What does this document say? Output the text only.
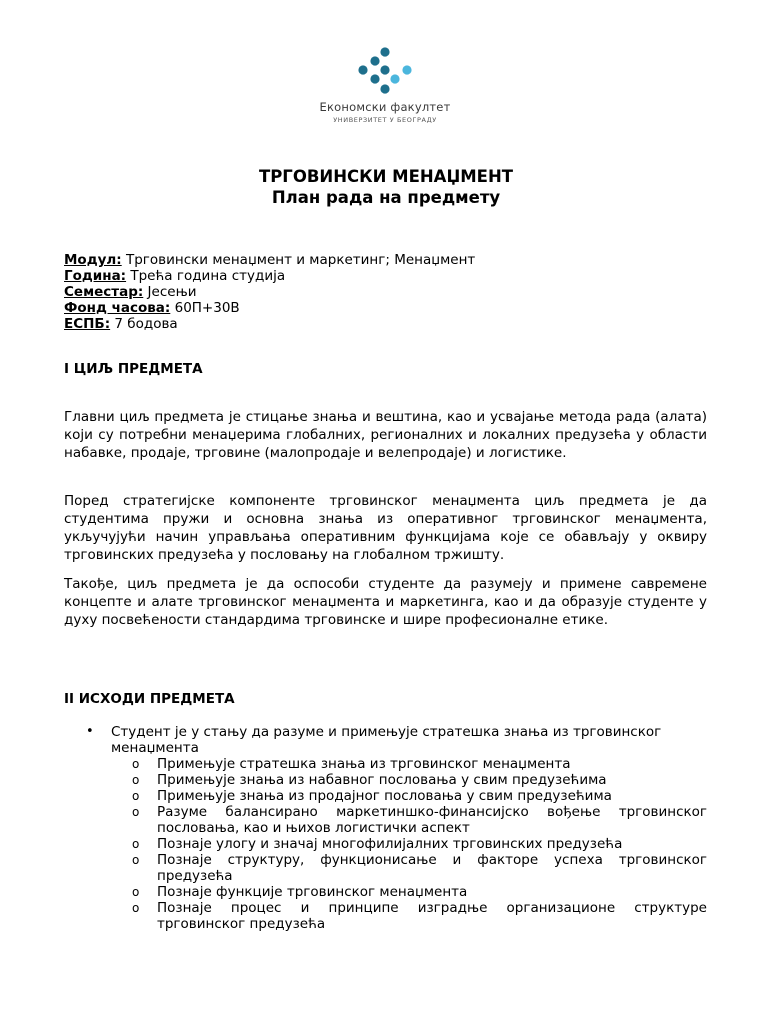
Економски факултет
УНИВЕРЗИТЕТ У БЕОГРАДУ
ТРГОВИНСКИ МЕНАЏМЕНТ
План рада на предмету
Модул: Трговински менаџмент и маркетинг; Менаџмент
Година: Трећа година студија
Семестар: Јесењи
Фонд часова: 60П+30В
ЕСПБ: 7 бодова
I ЦИЉ ПРЕДМЕТА

Главни циљ предмета је стицање знања и вештина, као и усвајање метода рада (алата) који су потребни менаџерима глобалних, регионалних и локалних предузећа у области набавке, продаје, трговине (малопродаје и велепродаје) и логистике.

Поред стратегијске компоненте трговинског менаџмента циљ предмета је да студентима пружи и основна знања из оперативног трговинског менаџмента, укључујући начин управљања оперативним функцијама које се обављају у оквиру трговинских предузећа у пословању на глобалном тржишту.

Такође, циљ предмета је да оспособи студенте да разумеју и примене савремене концепте и алате трговинског менаџмента и маркетинга, као и да образује студенте у духу посвећености стандардима трговинске и шире професионалне етике.

II ИСХОДИ ПРЕДМЕТА
• Студент је у стању да разуме и примењује стратешка знања из трговинског менаџмента
o Примењује стратешка знања из трговинског менаџмента
o Примењује знања из набавног пословања у свим предузећима
o Примењује знања из продајног пословања у свим предузећима
o Разуме балансирано маркетиншко-финансијско вођење трговинског пословања, као и њихов логистички аспект
o Познаје улогу и значај многофилијалних трговинских предузећа
o Познаје структуру, функционисање и факторе успеха трговинског предузећа
o Познаје функције трговинског менаџмента
o Познаје процес и принципе изградње организационе структуре трговинског предузећа
